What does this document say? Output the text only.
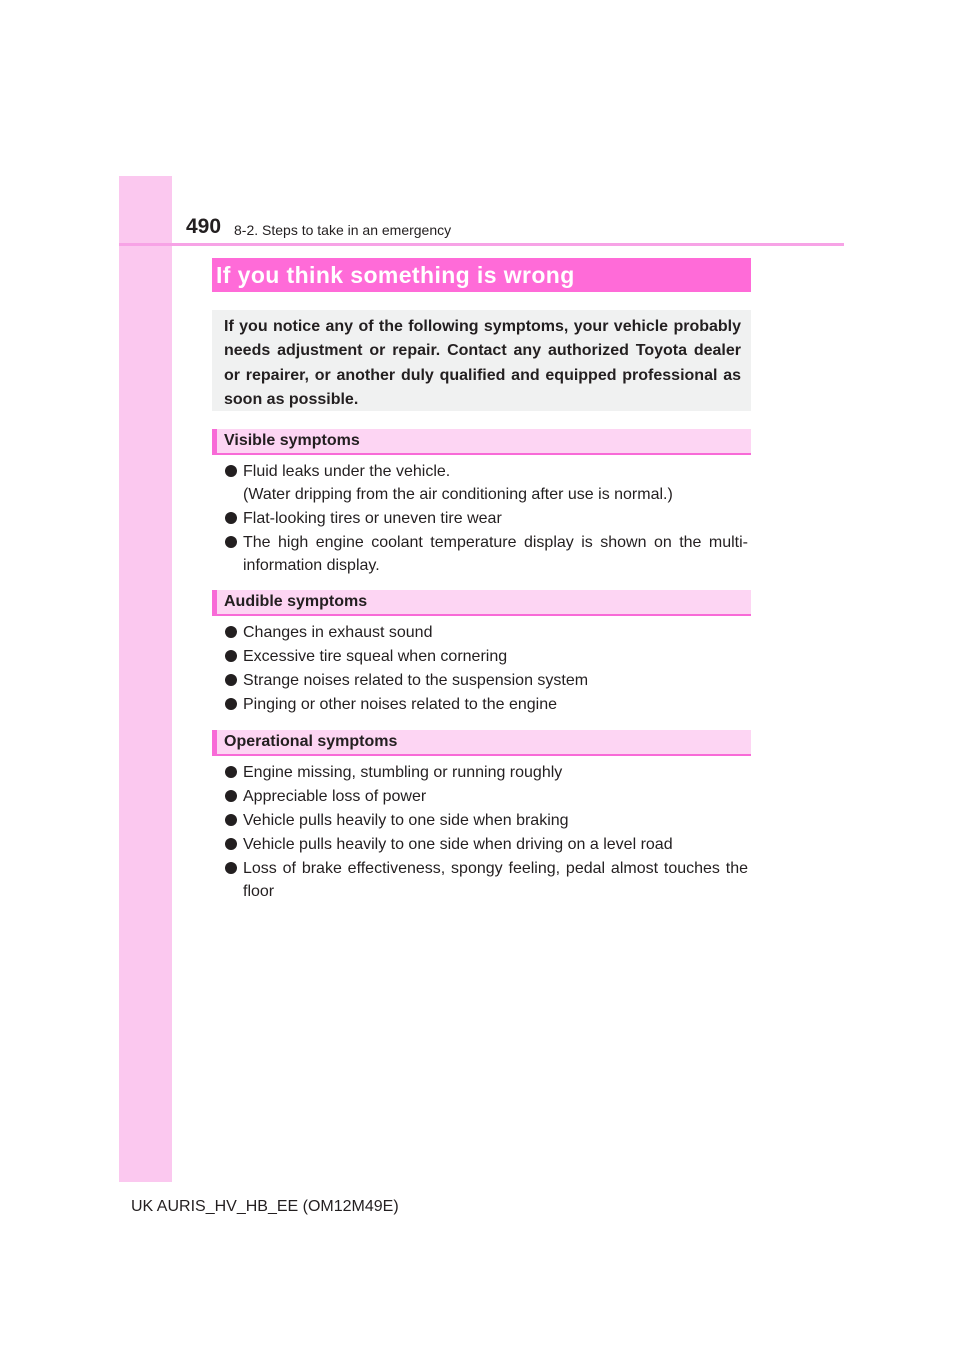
490 8-2. Steps to take in an emergency
If you think something is wrong
If you notice any of the following symptoms, your vehicle probably needs adjustment or repair. Contact any authorized Toyota dealer or repairer, or another duly qualified and equipped professional as soon as possible.
Visible symptoms
Fluid leaks under the vehicle.
(Water dripping from the air conditioning after use is normal.)
Flat-looking tires or uneven tire wear
The high engine coolant temperature display is shown on the multi-information display.
Audible symptoms
Changes in exhaust sound
Excessive tire squeal when cornering
Strange noises related to the suspension system
Pinging or other noises related to the engine
Operational symptoms
Engine missing, stumbling or running roughly
Appreciable loss of power
Vehicle pulls heavily to one side when braking
Vehicle pulls heavily to one side when driving on a level road
Loss of brake effectiveness, spongy feeling, pedal almost touches the floor
UK AURIS_HV_HB_EE (OM12M49E)
